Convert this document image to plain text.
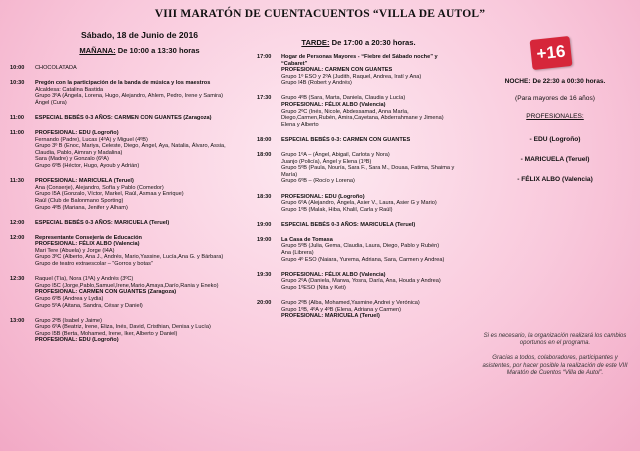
VIII MARATÓN DE CUENTACUENTOS “VILLA DE AUTOL”
Sábado, 18 de Junio de 2016
MAÑANA: De 10:00 a 13:30 horas
10:00	CHOCOLATADA
10:30	Pregón con la participación de la banda de música y los maestros
Alcaldesa: Catalina Bastida
Grupo 3ºA (Ángela, Lorena, Hugo, Alejandro, Ahlem, Pedro, Irene y Samira)
Ángel (Cura)
11:00	ESPECIAL BEBÉS 0-3 AÑOS: CARMEN CON GUANTES (Zaragoza)
11:00	PROFESIONAL: EDU (Logroño)
Fernando (Padre), Lucas (4ºA) y Miguel (4ºB)
Grupo 3º B (Enoc, Mariya, Celeste, Diego, Ángel, Aya, Natalia, Álvaro, Assia, Claudia, Pablo, Aimran y Madalina)
Sara (Madre) y Gonzalo (6ºA)
Grupo 6ºB (Héctor, Hugo, Ayoub y Adrián)
11:30	PROFESIONAL: MARICUELA (Teruel)
Ana (Conserje), Alejandro, Sofía y Pablo (Comedor)
Grupo I5A (Gonzalo, Víctor, Markel, Raúl, Asmaa y Enrique)
Raúl (Club de Balonmano Sporting)
Grupo 4ºB (Mariana, Jenifer y Alham)
12:00	ESPECIAL BEBÉS 0-3 AÑOS: MARICUELA (Teruel)
12:00	Representante Consejería de Educación
PROFESIONAL: FÉLIX ALBO (Valencia)
Mari Tere (Abuela) y Jorge (I4A)
Grupo 3ºC (Alberto, Ana J., Andrés, Mario,Yassine, Lucía,Ana G. y Bárbara)
Grupo de teatro extraescolar – “Gorros y botas”
12:30	Raquel (Tía), Nora (1ºA) y Andrés (3ºC)
Grupo I5C (Jorge,Pablo,Samuel,Irene,Mario,Amaya,Darío,Rania y Eneko)
PROFESIONAL: CARMEN CON GUANTES (Zaragoza)
Grupo 6ºB (Andrea y Lydia)
Grupo 5ºA (Aitana, Sandra, César y Daniel)
13:00	Grupo 2ºB (Isabel y Jaime)
Grupo 6ºA (Beatriz, Irene, Eliza, Inés, David, Cristhian, Denisa y Lucía)
Grupo I5B (Berta, Mohamed, Irene, Iker, Alberto y Daniel)
PROFESIONAL: EDU (Logroño)
TARDE: De 17:00 a 20:30 horas.
17:00	Hogar de Personas Mayores - “Fiebre del Sábado noche” y “Cabaret”
PROFESIONAL: CARMEN CON GUANTES
Grupo 1º ESO y 2ºA (Judith, Raquel, Andrea, Iratí y Ana)
Grupo I4B (Robert y Andrés)
17:30	Grupo 4ºB (Sara, Marta, Daniela, Claudia y Lucía)
PROFESIONAL: FÉLIX ALBO (Valencia)
Grupo 2ºC (Inés, Nicole, Abdessamad, Anna María, Diego,Carmen,Rubén, Amira,Cayetana, Abderrahmane y Jimena)
Elena y Alberto
18:00	ESPECIAL BEBÉS 0-3: CARMEN CON GUANTES
18:00	Grupo 1ºA – (Ángel, Abigail, Carlota y Nora)
Juanjo (Policía), Ángel y Elena (1ºB)
Grupo 5ºB (Paula, Nouría, Sara F., Sara M., Douaa, Fatima, Shaima y María)
Grupo 6ºB – (Rocío y Lorena)
18:30	PROFESIONAL: EDU (Logroño)
Grupo 6ºA (Alejandro, Ángela, Asier V., Laura, Asier G y Mario)
Grupo 1ºB (Malak, Hiba, Khalil, Carla y Raúl)
19:00	ESPECIAL BEBÉS 0-3 AÑOS: MARICUELA (Teruel)
19:00	La Casa de Tomasa
Grupo 5ºB (Julia, Gema, Claudia, Laura, Diego, Pablo y Rubén)
Ana (Librera)
Grupo 4º ESO (Naiara, Yurema, Adriana, Sara, Carmen y Andrea)
19:30	PROFESIONAL: FÉLIX ALBO (Valencia)
Grupo 2ºA (Daniela, Marwa, Yosra, Daría, Ana, Houda y Andrea)
Grupo 1ºESO (Nita y Keti)
20:00	Grupo 2ºB (Alba, Mohamed,Yasmine,Andrei y Verónica)
Grupo 1ºB, 4ºA y 4ºB (Elena, Adriana y Carmen)
PROFESIONAL: MARICUELA (Teruel)
+16
NOCHE: De 22:30 a 00:30 horas.
(Para mayores de 16 años)
PROFESIONALES:
- EDU (Logroño)
- MARICUELA (Teruel)
- FÉLIX ALBO (Valencia)

Si es necesario, la organización realizará los cambios oportunos en el programa.

Gracias a todos, colaboradores, participantes y asistentes, por hacer posible la realización de este VIII Maratón de Cuentos “Villa de Autol”.
